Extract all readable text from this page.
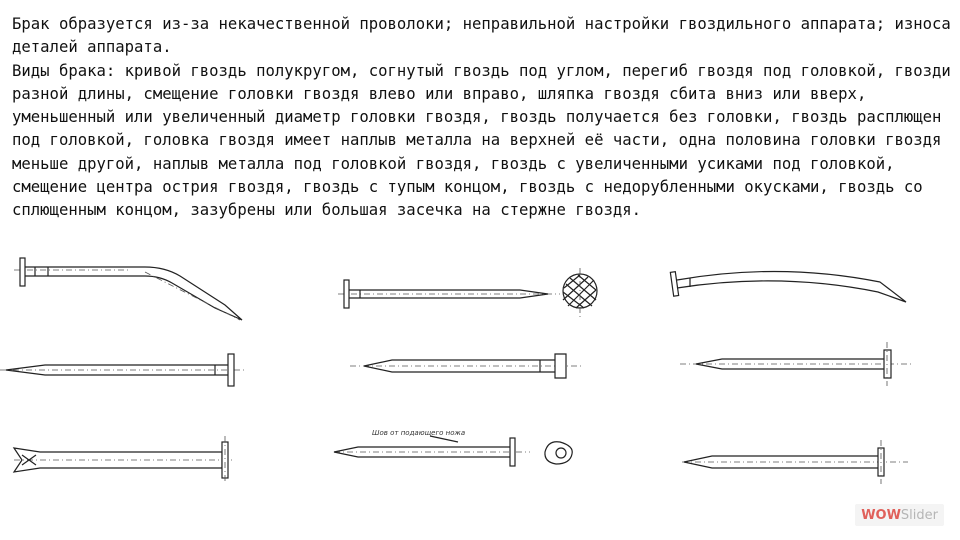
Брак образуется из-за некачественной проволоки; неправильной настройки гвоздильного аппарата; износа деталей аппарата.

Виды брака: кривой гвоздь полукругом, согнутый гвоздь под углом, перегиб гвоздя под головкой, гвозди разной длины, смещение головки гвоздя влево или вправо, шляпка гвоздя сбита вниз или вверх, уменьшенный или увеличенный диаметр головки гвоздя, гвоздь получается без головки, гвоздь расплющен под головкой, головка гвоздя имеет наплыв металла на верхней её части, одна половина головки гвоздя меньше другой, наплыв металла под головкой гвоздя, гвоздь с увеличенными усиками под головкой, смещение центра острия гвоздя, гвоздь с тупым концом, гвоздь с недорубленными окусками, гвоздь со сплющенным концом, зазубрены или большая засечка на стержне гвоздя.

Шов от подающего ножа
WOW Slider
